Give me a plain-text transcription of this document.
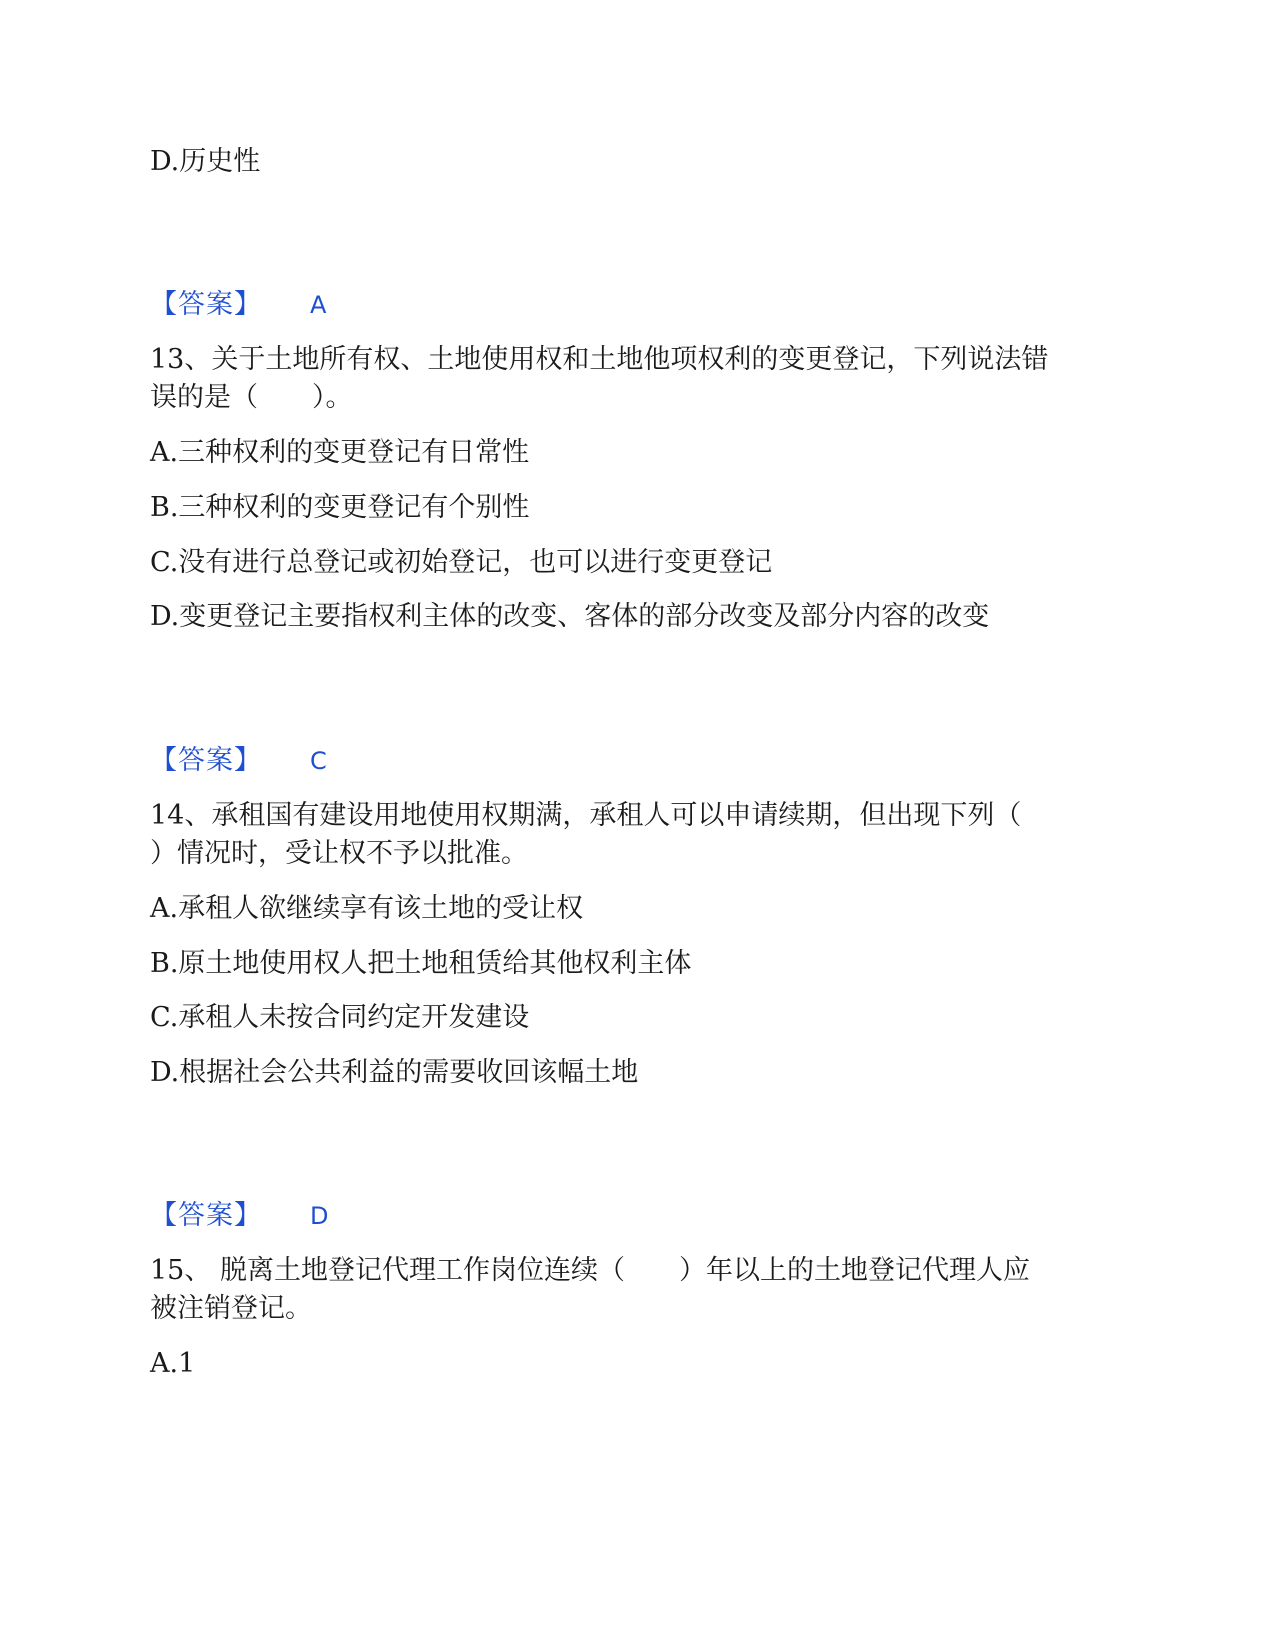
D.历史性
【答案】 A
13、关于土地所有权、土地使用权和土地他项权利的变更登记，下列说法错
误的是（　　）。
A.三种权利的变更登记有日常性
B.三种权利的变更登记有个别性
C.没有进行总登记或初始登记，也可以进行变更登记
D.变更登记主要指权利主体的改变、客体的部分改变及部分内容的改变
【答案】 C
14、承租国有建设用地使用权期满，承租人可以申请续期，但出现下列（
）情况时，受让权不予以批准。
A.承租人欲继续享有该土地的受让权
B.原土地使用权人把土地租赁给其他权利主体
C.承租人未按合同约定开发建设
D.根据社会公共利益的需要收回该幅土地
【答案】 D
15、 脱离土地登记代理工作岗位连续（　　）年以上的土地登记代理人应
被注销登记。
A.1
